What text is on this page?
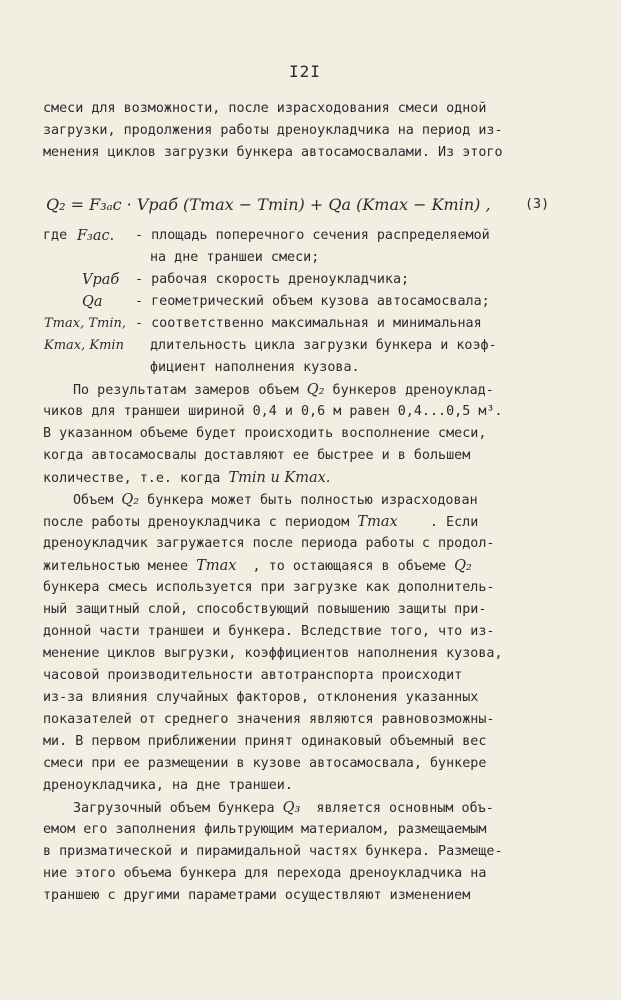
I2I
смеси для возможности, после израсходования смеси одной
загрузки, продолжения работы дреноукладчика на период из-
менения циклов загрузки бункера автосамосвалами. Из этого
Q₂ = F₃ₐc · Vраб (Tmax − Tmin) + Qa (Kmax − Kmin) ,	(3)
где F₃ac. - площадь поперечного сечения распределяемой
на дне траншеи смеси;
Vраб - рабочая скорость дреноукладчика;
Qa - геометрический объем кузова автосамосвала;
Tmax, Tmin, - соответственно максимальная и минимальная
Kmax, Kmin длительность цикла загрузки бункера и коэф-
фициент наполнения кузова.
По результатам замеров объем Q₂ бункеров дреноуклад-
чиков для траншеи шириной 0,4 и 0,6 м равен 0,4...0,5 м³.
В указанном объеме будет происходить восполнение смеси,
когда автосамосвалы доставляют ее быстрее и в большем
количестве, т.е. когда Tmin и Kmax.
Объем Q₂ бункера может быть полностью израсходован
после работы дреноукладчика с периодом Tmax    . Если
дреноукладчик загружается после периода работы с продол-
жительностью менее Tmax  , то остающаяся в объеме Q₂
бункера смесь используется при загрузке как дополнитель-
ный защитный слой, способствующий повышению защиты при-
донной части траншеи и бункера. Вследствие того, что из-
менение циклов выгрузки, коэффициентов наполнения кузова,
часовой производительности автотранспорта происходит
из-за влияния случайных факторов, отклонения указанных
показателей от среднего значения являются равновозможны-
ми. В первом приближении принят одинаковый объемный вес
смеси при ее размещении в кузове автосамосвала, бункере
дреноукладчика, на дне траншеи.
Загрузочный объем бункера Q₃  является основным объ-
емом его заполнения фильтрующим материалом, размещаемым
в призматической и пирамидальной частях бункера. Размеще-
ние этого объема бункера для перехода дреноукладчика на
траншею с другими параметрами осуществляют изменением
